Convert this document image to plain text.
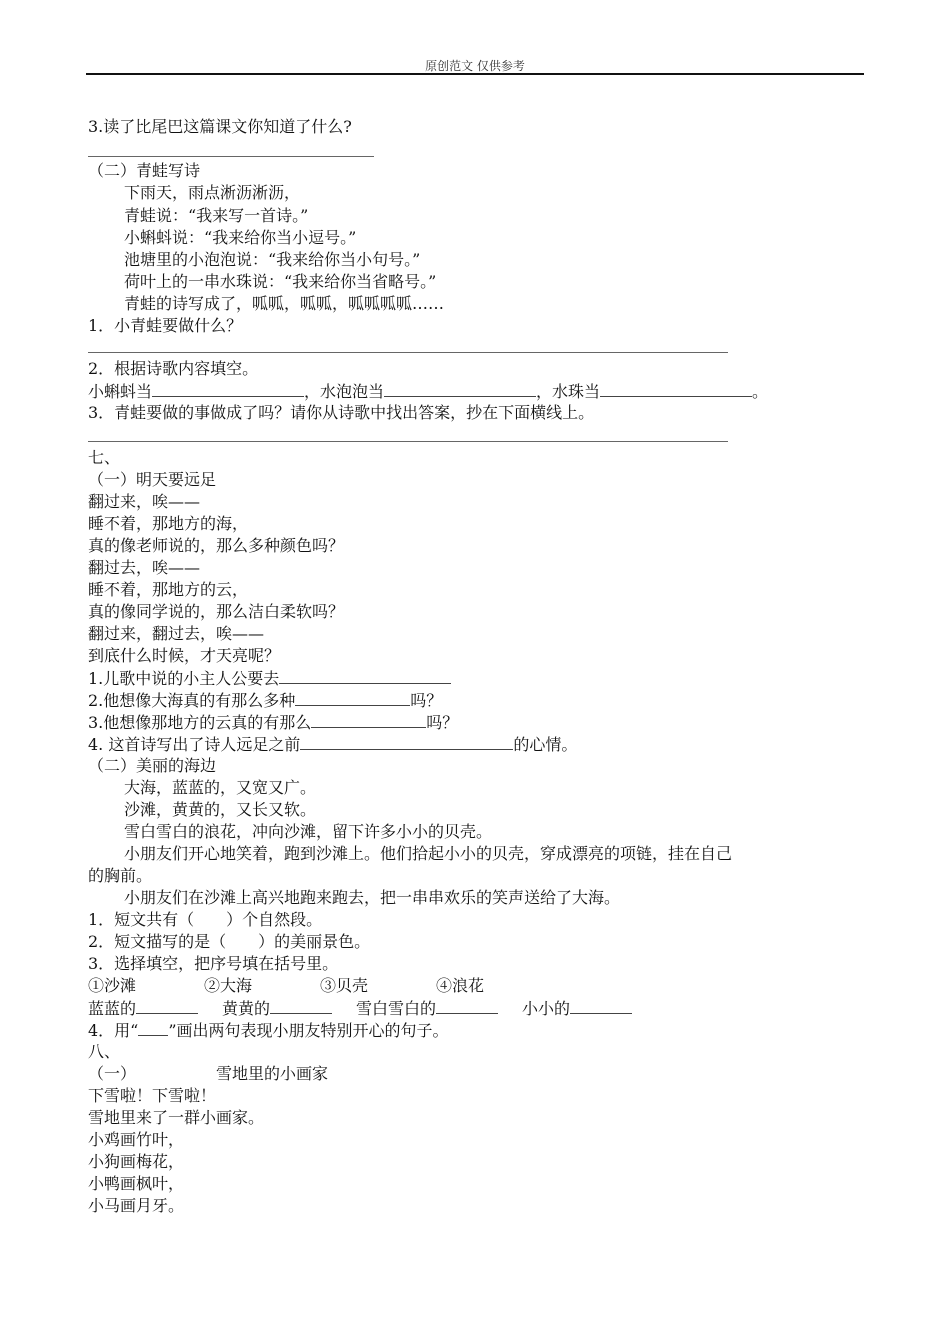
原创范文 仅供参考
3.读了比尾巴这篇课文你知道了什么?
（二）青蛙写诗
下雨天，雨点淅沥淅沥，
青蛙说：“我来写一首诗。”
小蝌蚪说：“我来给你当小逗号。”
池塘里的小泡泡说：“我来给你当小句号。”
荷叶上的一串水珠说：“我来给你当省略号。”
青蛙的诗写成了，呱呱，呱呱，呱呱呱呱……
1．小青蛙要做什么？
2．根据诗歌内容填空。
小蝌蚪当	，水泡泡当	，水珠当	。
3．青蛙要做的事做成了吗？请你从诗歌中找出答案，抄在下面横线上。
七、
（一）明天要远足
翻过来，唉——
睡不着，那地方的海，
真的像老师说的，那么多种颜色吗？
翻过去，唉——
睡不着，那地方的云，
真的像同学说的，那么洁白柔软吗？
翻过来，翻过去，唉——
到底什么时候，才天亮呢？
1.儿歌中说的小主人公要去
2.他想像大海真的有那么多种	吗？
3.他想像那地方的云真的有那么	吗？
4. 这首诗写出了诗人远足之前	的心情。
（二）美丽的海边
大海，蓝蓝的，又宽又广。
沙滩，黄黄的，又长又软。
雪白雪白的浪花，冲向沙滩，留下许多小小的贝壳。
小朋友们开心地笑着，跑到沙滩上。他们拾起小小的贝壳，穿成漂亮的项链，挂在自己
的胸前。
小朋友们在沙滩上高兴地跑来跑去，把一串串欢乐的笑声送给了大海。
1．短文共有（　　）个自然段。
2．短文描写的是（　　）的美丽景色。
3．选择填空，把序号填在括号里。
①沙滩	②大海	③贝壳	④浪花
蓝蓝的	黄黄的	雪白雪白的	小小的
4．用“ ”画出两句表现小朋友特别开心的句子。
八、
（一）	雪地里的小画家
下雪啦！下雪啦！
雪地里来了一群小画家。
小鸡画竹叶，
小狗画梅花，
小鸭画枫叶，
小马画月牙。
